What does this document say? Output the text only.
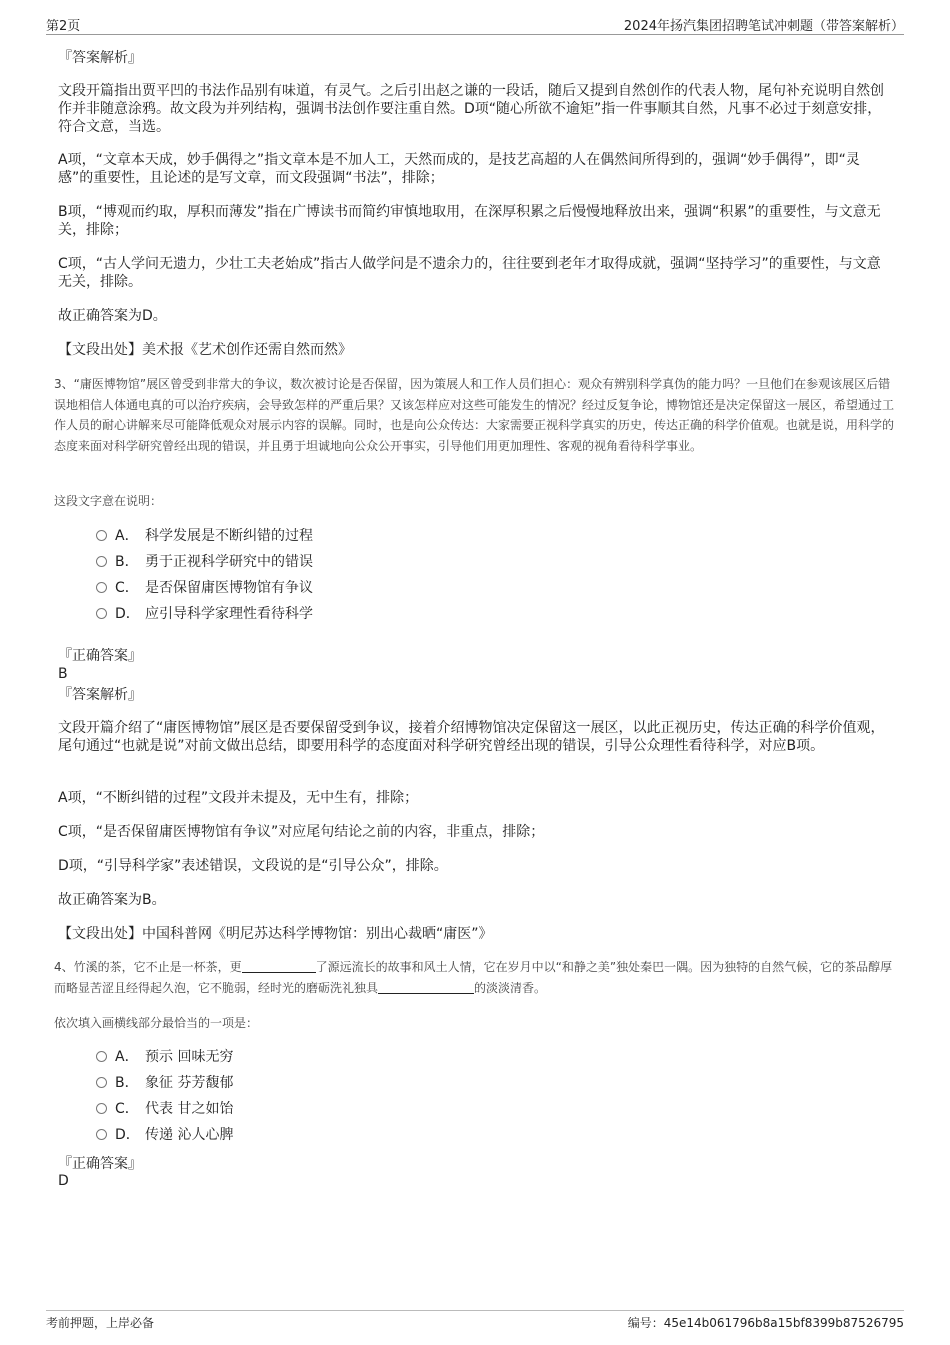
第2页	2024年扬汽集团招聘笔试冲刺题（带答案解析）
『答案解析』
文段开篇指出贾平凹的书法作品别有味道，有灵气。之后引出赵之谦的一段话，随后又提到自然创作的代表人物，尾句补充说明自然创作并非随意涂鸦。故文段为并列结构，强调书法创作要注重自然。D项“随心所欲不逾矩”指一件事顺其自然，凡事不必过于刻意安排，符合文意，当选。
A项，“文章本天成，妙手偶得之”指文章本是不加人工，天然而成的，是技艺高超的人在偶然间所得到的，强调“妙手偶得”，即“灵感”的重要性，且论述的是写文章，而文段强调“书法”，排除；
B项，“博观而约取，厚积而薄发”指在广博读书而简约审慎地取用，在深厚积累之后慢慢地释放出来，强调“积累”的重要性，与文意无关，排除；
C项，“古人学问无遗力，少壮工夫老始成”指古人做学问是不遗余力的，往往要到老年才取得成就，强调“坚持学习”的重要性，与文意无关，排除。
故正确答案为D。
【文段出处】美术报《艺术创作还需自然而然》
3、“庸医博物馆”展区曾受到非常大的争议，数次被讨论是否保留，因为策展人和工作人员们担心：观众有辨别科学真伪的能力吗？一旦他们在参观该展区后错误地相信人体通电真的可以治疗疾病，会导致怎样的严重后果？又该怎样应对这些可能发生的情况？经过反复争论，博物馆还是决定保留这一展区，希望通过工作人员的耐心讲解来尽可能降低观众对展示内容的误解。同时，也是向公众传达：大家需要正视科学真实的历史，传达正确的科学价值观。也就是说，用科学的态度来面对科学研究曾经出现的错误，并且勇于坦诚地向公众公开事实，引导他们用更加理性、客观的视角看待科学事业。
这段文字意在说明：
A． 科学发展是不断纠错的过程
B． 勇于正视科学研究中的错误
C． 是否保留庸医博物馆有争议
D． 应引导科学家理性看待科学
『正确答案』
B
『答案解析』
文段开篇介绍了“庸医博物馆”展区是否要保留受到争议，接着介绍博物馆决定保留这一展区，以此正视历史，传达正确的科学价值观，尾句通过“也就是说”对前文做出总结，即要用科学的态度面对科学研究曾经出现的错误，引导公众理性看待科学，对应B项。
A项，“不断纠错的过程”文段并未提及，无中生有，排除；
C项，“是否保留庸医博物馆有争议”对应尾句结论之前的内容，非重点，排除；
D项，“引导科学家”表述错误，文段说的是“引导公众”，排除。
故正确答案为B。
【文段出处】中国科普网《明尼苏达科学博物馆：别出心裁晒“庸医”》
4、竹溪的茶，它不止是一杯茶，更	了源远流长的故事和风土人情，它在岁月中以“和静之美”独处秦巴一隅。因为独特的自然气候，它的茶品醇厚而略显苦涩且经得起久泡，它不脆弱，经时光的磨砺洗礼独具	的淡淡清香。
依次填入画横线部分最恰当的一项是：
A． 预示 回味无穷
B． 象征 芬芳馥郁
C． 代表 甘之如饴
D． 传递 沁人心脾
『正确答案』
D
考前押题，上岸必备	编号：45e14b061796b8a15bf8399b87526795
